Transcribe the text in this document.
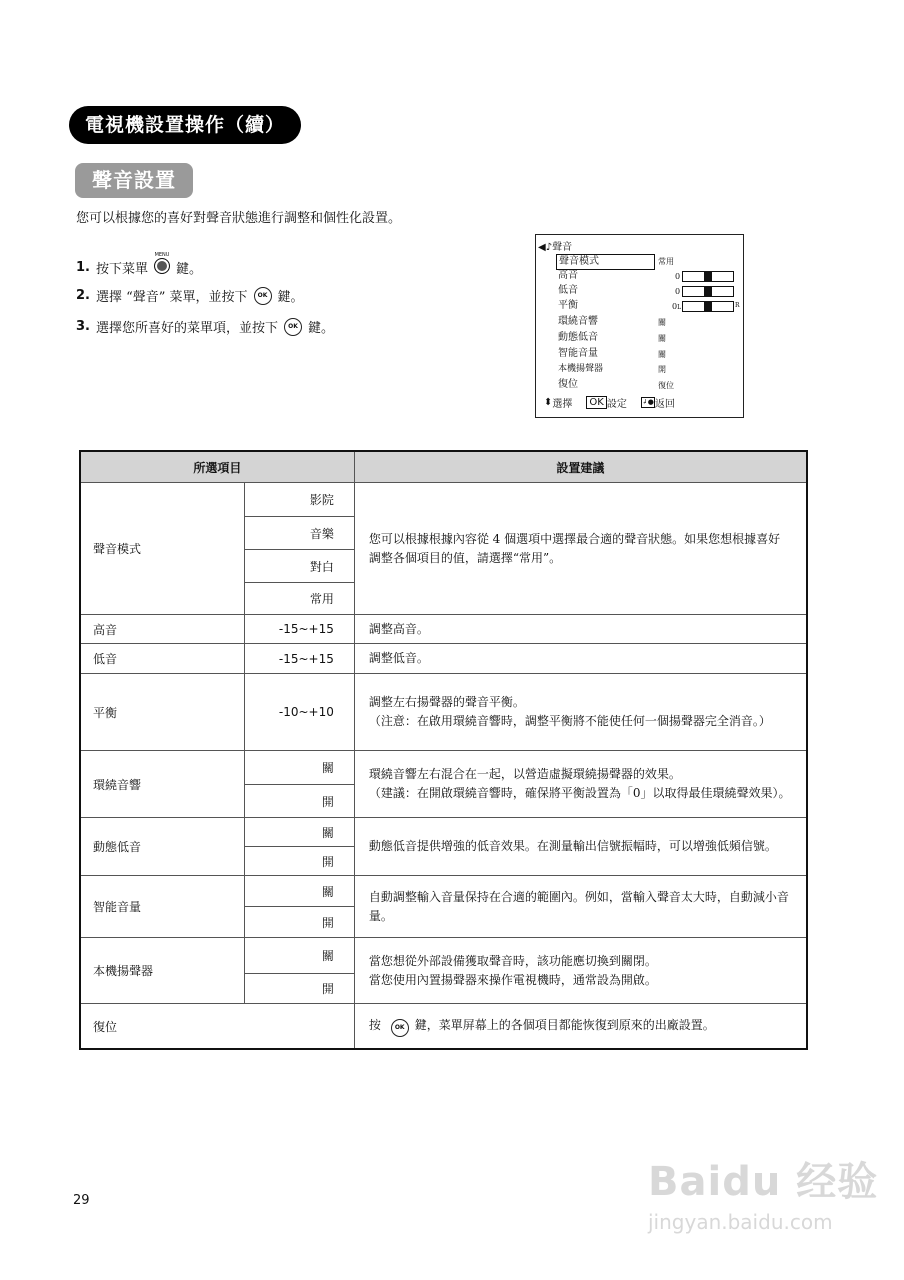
電視機設置操作（續）
聲音設置
您可以根據您的喜好對聲音狀態進行調整和個性化設置。
1. 按下菜單
MENU
鍵。
2. 選擇 “聲音” 菜單，並按下	OK 鍵。
3. 選擇您所喜好的菜單項，並按下	OK 鍵。
◀♪聲音
聲音模式	常用
高音	0
低音	0
平衡	0L	R
環繞音響	關
動態低音	關
智能音量	關
本機揚聲器	開
復位	復位
⬍ 選擇	OK 設定 ↲● 返回
所選項目		設置建議
聲音模式	影院	您可以根據根據內容從 4 個選項中選擇最合適的聲音狀態。如果您想根據喜好調整各個項目的值，請選擇“常用”。
	音樂	
	對白	
	常用	
高音	-15~+15	調整高音。
低音	-15~+15	調整低音。
平衡	-10~+10	調整左右揚聲器的聲音平衡。
（注意：在啟用環繞音響時，調整平衡將不能使任何一個揚聲器完全消音。）

環繞音響	關	環繞音響左右混合在一起，以營造虛擬環繞揚聲器的效果。
（建議：在開啟環繞音響時，確保將平衡設置為「0」以取得最佳環繞聲效果）。

	開	
動態低音	關	動態低音提供增強的低音效果。在測量輸出信號振幅時，可以增強低頻信號。
	開	
智能音量	關	自動調整輸入音量保持在合適的範圍內。例如，當輸入聲音太大時，自動減小音量。
	開	
本機揚聲器	關	當您想從外部設備獲取聲音時，該功能應切換到關閉。
當您使用內置揚聲器來操作電視機時，通常設為開啟。

	開	
復位		按 OK 鍵，菜單屏幕上的各個項目都能恢復到原來的出廠設置。
29	Baidu 经验
jingyan.baidu.com
